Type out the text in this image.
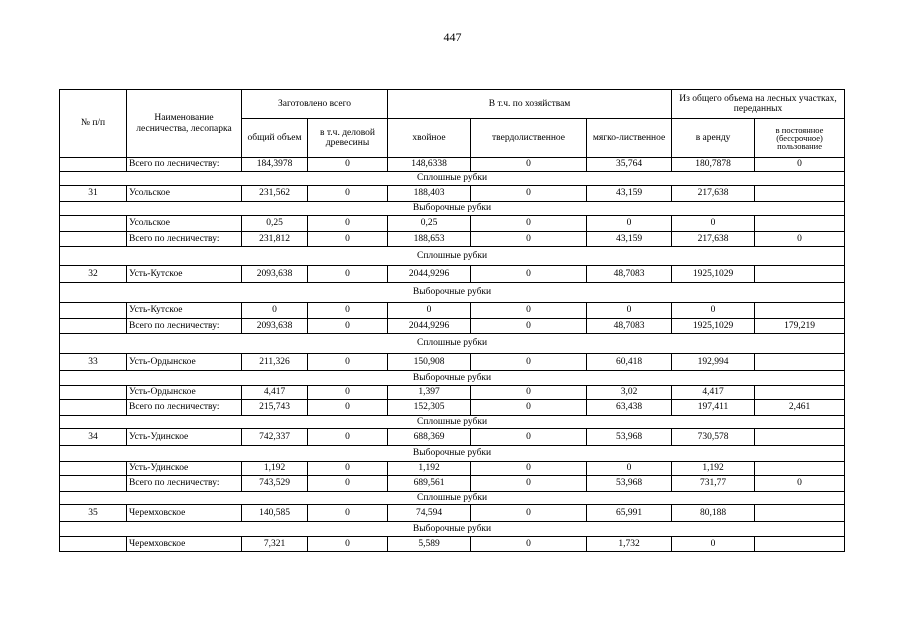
447
№ п/п	Наименование лесничества, лесопарка	Заготовлено всего		В т.ч. по хозяйствам			Из общего объема на лесных участках, переданных	
		общий объем	в т.ч. деловой древесины	хвойное	твердолиственное	мягко-лиственное	в аренду	в постоянное (бессрочное) пользование
	Всего по лесничеству:	184,3978	0	148,6338	0	35,764	180,7878	0
Сплошные рубки								
31	Усольское	231,562	0	188,403	0	43,159	217,638	
Выборочные рубки								
	Усольское	0,25	0	0,25	0	0	0	
	Всего по лесничеству:	231,812	0	188,653	0	43,159	217,638	0
Сплошные рубки								
32	Усть-Кутское	2093,638	0	2044,9296	0	48,7083	1925,1029	
Выборочные рубки								
	Усть-Кутское	0	0	0	0	0	0	
	Всего по лесничеству:	2093,638	0	2044,9296	0	48,7083	1925,1029	179,219
Сплошные рубки								
33	Усть-Ордынское	211,326	0	150,908	0	60,418	192,994	
Выборочные рубки								
	Усть-Ордынское	4,417	0	1,397	0	3,02	4,417	
	Всего по лесничеству:	215,743	0	152,305	0	63,438	197,411	2,461
Сплошные рубки								
34	Усть-Удинское	742,337	0	688,369	0	53,968	730,578	
Выборочные рубки								
	Усть-Удинское	1,192	0	1,192	0	0	1,192	
	Всего по лесничеству:	743,529	0	689,561	0	53,968	731,77	0
Сплошные рубки								
35	Черемховское	140,585	0	74,594	0	65,991	80,188	
Выборочные рубки								
	Черемховское	7,321	0	5,589	0	1,732	0	
